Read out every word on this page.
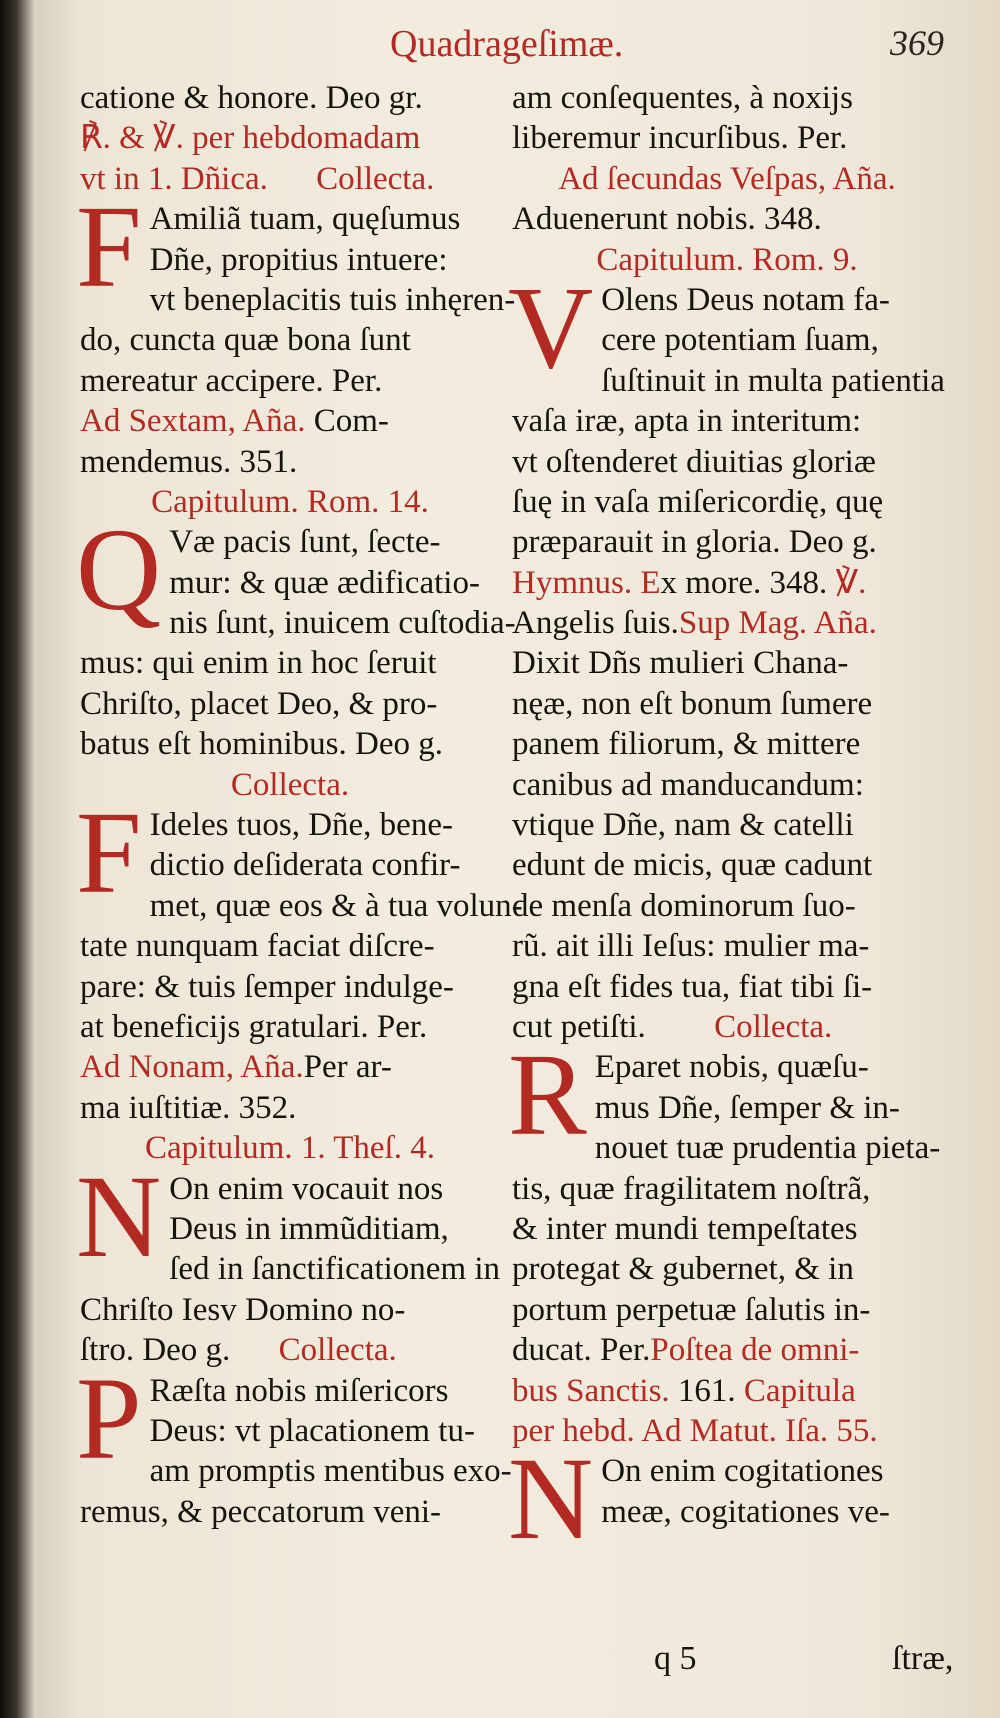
Quadrageſimæ.	369
catione & honore. Deo gr.
℟. & ℣. per hebdomadam
vt in 1. Dñica. Collecta.
F Amiliã tuam, quęſumus
Dñe, propitius intuere:
vt beneplacitis tuis inhęren-
do, cuncta quæ bona ſunt
mereatur accipere. Per.
Ad Sextam, Aña. Com-
mendemus. 351.
Capitulum. Rom. 14.
Q Væ pacis ſunt, ſecte-
mur: & quæ ædificatio-
nis ſunt, inuicem cuſtodia-
mus: qui enim in hoc ſeruit
Chriſto, placet Deo, & pro-
batus eſt hominibus. Deo g.
Collecta.
F Ideles tuos, Dñe, bene-
dictio deſiderata confir-
met, quæ eos & à tua volun-
tate nunquam faciat diſcre-
pare: & tuis ſemper indulge-
at beneficijs gratulari. Per.
Ad Nonam, Aña.Per ar-
ma iuſtitiæ. 352.
Capitulum. 1. Theſ. 4.
N On enim vocauit nos
Deus in immũditiam,
ſed in ſanctificationem in
Chriſto Iesv Domino no-
ſtro. Deo g. Collecta.
P Ræſta nobis miſericors
Deus: vt placationem tu-
am promptis mentibus exo-
remus, & peccatorum veni-
am conſequentes, à noxijs
liberemur incurſibus. Per.
Ad ſecundas Veſpas, Aña.
Aduenerunt nobis. 348.
Capitulum. Rom. 9.
V Olens Deus notam fa-
cere potentiam ſuam,
ſuſtinuit in multa patientia
vaſa iræ, apta in interitum:
vt oſtenderet diuitias gloriæ
ſuę in vaſa miſericordię, quę
præparauit in gloria. Deo g.
Hymnus. Ex more. 348. ℣.
Angelis ſuis.Sup Mag. Aña.
Dixit Dñs mulieri Chana-
nęæ, non eſt bonum ſumere
panem filiorum, & mittere
canibus ad manducandum:
vtique Dñe, nam & catelli
edunt de micis, quæ cadunt
de menſa dominorum ſuo-
rũ. ait illi Ieſus: mulier ma-
gna eſt fides tua, fiat tibi ſi-
cut petiſti. Collecta.
R Eparet nobis, quæſu-
mus Dñe, ſemper & in-
nouet tuæ prudentia pieta-
tis, quæ fragilitatem noſtrã,
& inter mundi tempeſtates
protegat & gubernet, & in
portum perpetuæ ſalutis in-
ducat. Per.Poſtea de omni-
bus Sanctis. 161. Capitula
per hebd. Ad Matut. Iſa. 55.
N On enim cogitationes
meæ, cogitationes ve-
q 5	ſtræ,
